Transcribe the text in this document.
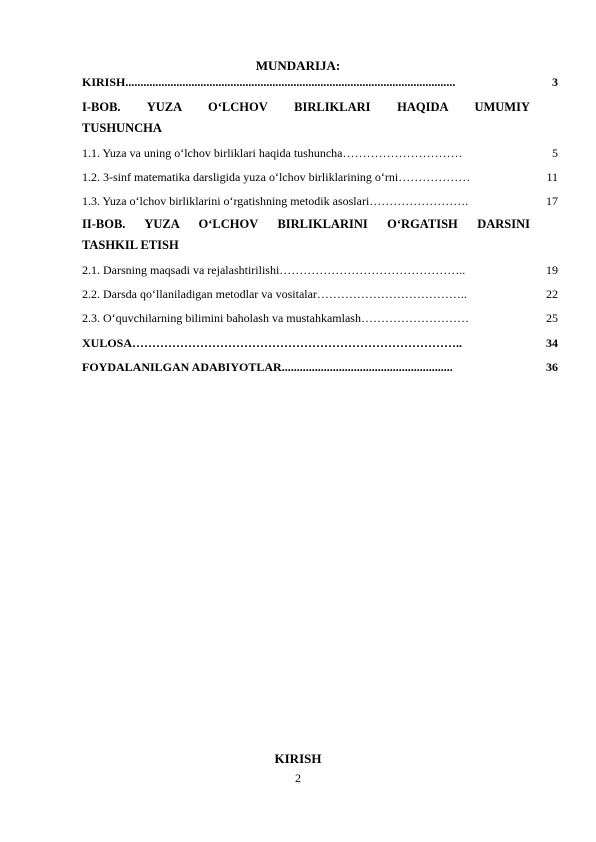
MUNDARIJA:
KIRISH..............................................................................................................	3
I-BOB. YUZA O‘LCHOV BIRLIKLARI HAQIDA UMUMIY
TUSHUNCHA
1.1. Yuza va uning o‘lchov birliklari haqida tushuncha…………………………	5
1.2. 3-sinf matematika darsligida yuza o‘lchov birliklarining o‘rni………………	11
1.3. Yuza o‘lchov birliklarini o‘rgatishning metodik asoslari…………………….	17
II-BOB. YUZA O‘LCHOV BIRLIKLARINI O‘RGATISH DARSINI
TASHKIL ETISH
2.1. Darsning maqsadi va rejalashtirilishi………………………………………..	19
2.2. Darsda qo‘llaniladigan metodlar va vositalar………………………………..	22
2.3. O‘quvchilarning bilimini baholash va mustahkamlash………………………	25
XULOSA………………………………………………………………………..	34
FOYDALANILGAN ADABIYOTLAR.........................................................	36
KIRISH
2
